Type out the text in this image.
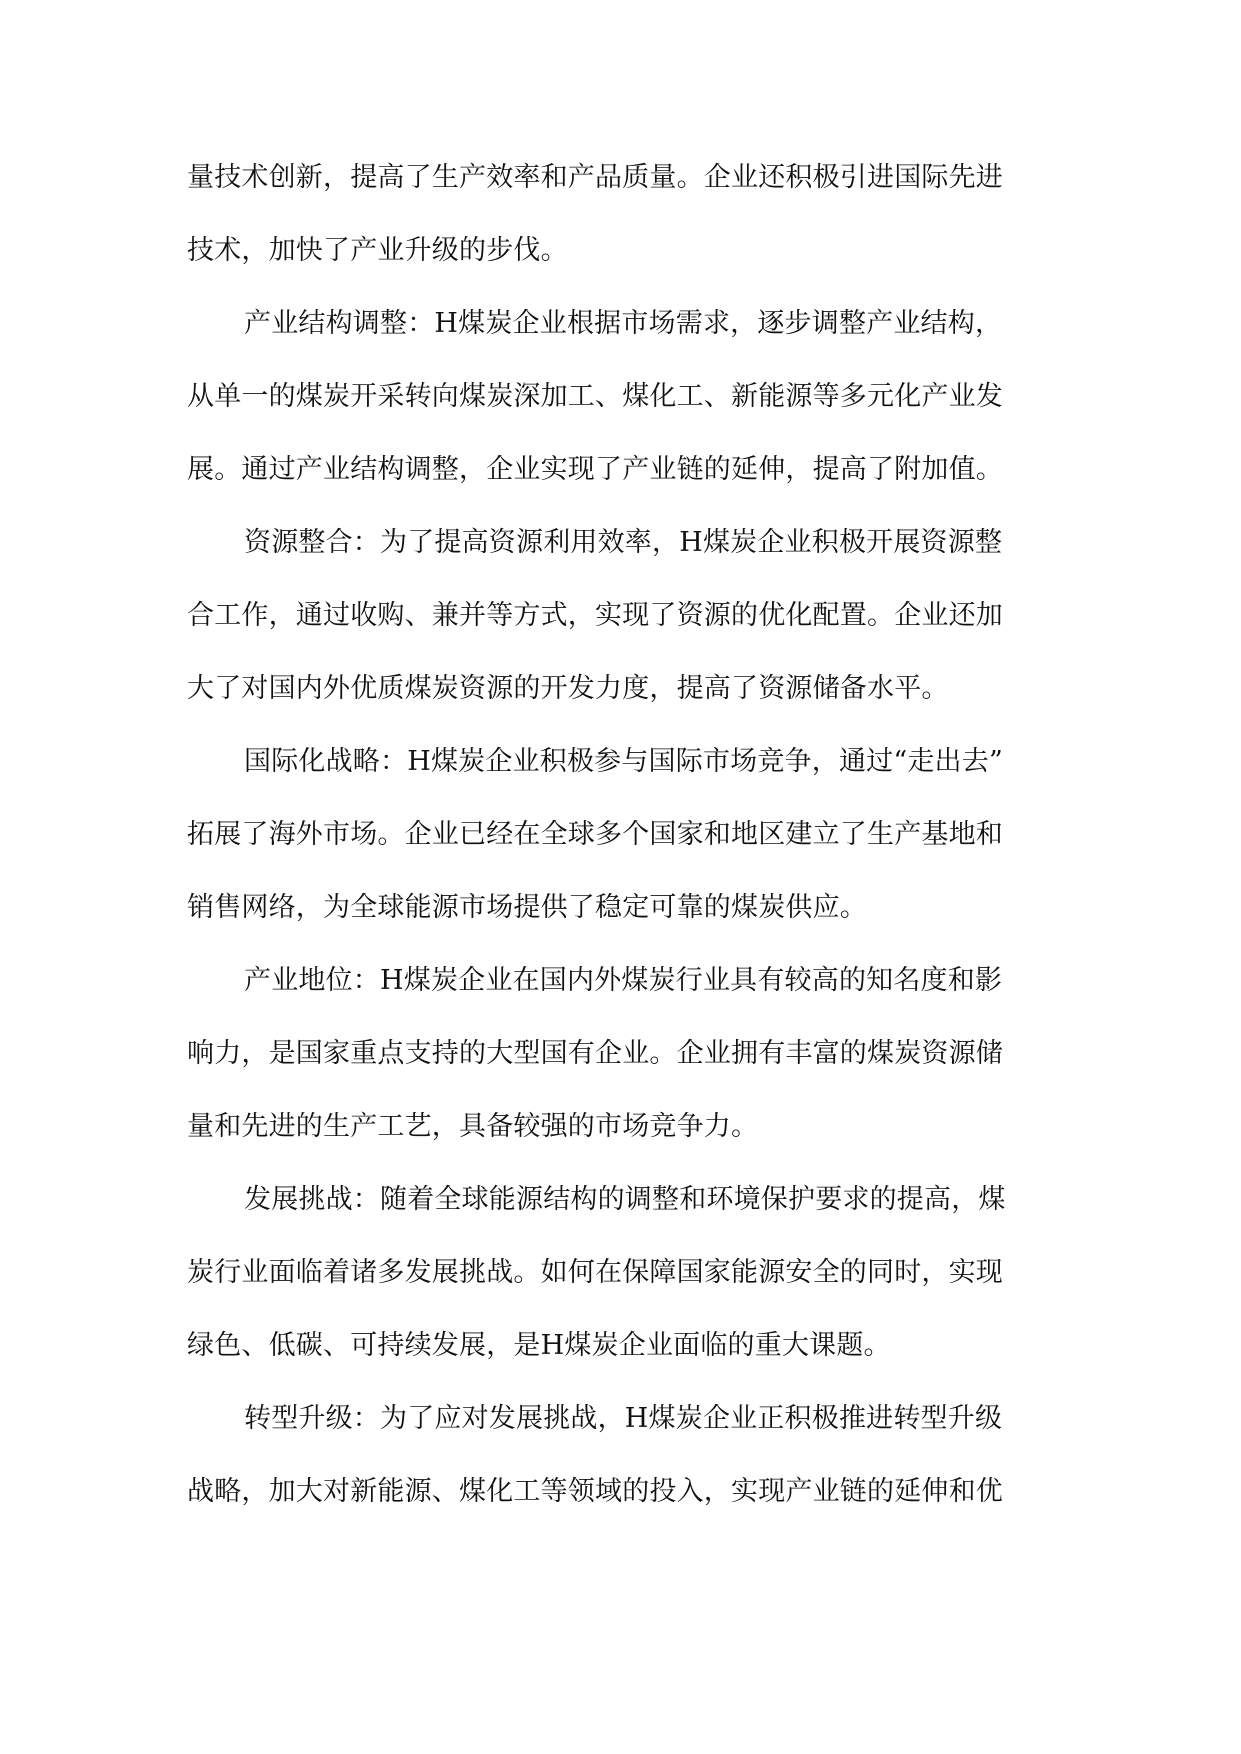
量技术创新，提高了生产效率和产品质量。企业还积极引进国际先进
技术，加快了产业升级的步伐。
产业结构调整：H煤炭企业根据市场需求，逐步调整产业结构，
从单一的煤炭开采转向煤炭深加工、煤化工、新能源等多元化产业发
展。通过产业结构调整，企业实现了产业链的延伸，提高了附加值。
资源整合：为了提高资源利用效率，H煤炭企业积极开展资源整
合工作，通过收购、兼并等方式，实现了资源的优化配置。企业还加
大了对国内外优质煤炭资源的开发力度，提高了资源储备水平。
国际化战略：H煤炭企业积极参与国际市场竞争，通过“走出去”
拓展了海外市场。企业已经在全球多个国家和地区建立了生产基地和
销售网络，为全球能源市场提供了稳定可靠的煤炭供应。
产业地位：H煤炭企业在国内外煤炭行业具有较高的知名度和影
响力，是国家重点支持的大型国有企业。企业拥有丰富的煤炭资源储
量和先进的生产工艺，具备较强的市场竞争力。
发展挑战：随着全球能源结构的调整和环境保护要求的提高，煤
炭行业面临着诸多发展挑战。如何在保障国家能源安全的同时，实现
绿色、低碳、可持续发展，是H煤炭企业面临的重大课题。
转型升级：为了应对发展挑战，H煤炭企业正积极推进转型升级
战略，加大对新能源、煤化工等领域的投入，实现产业链的延伸和优
